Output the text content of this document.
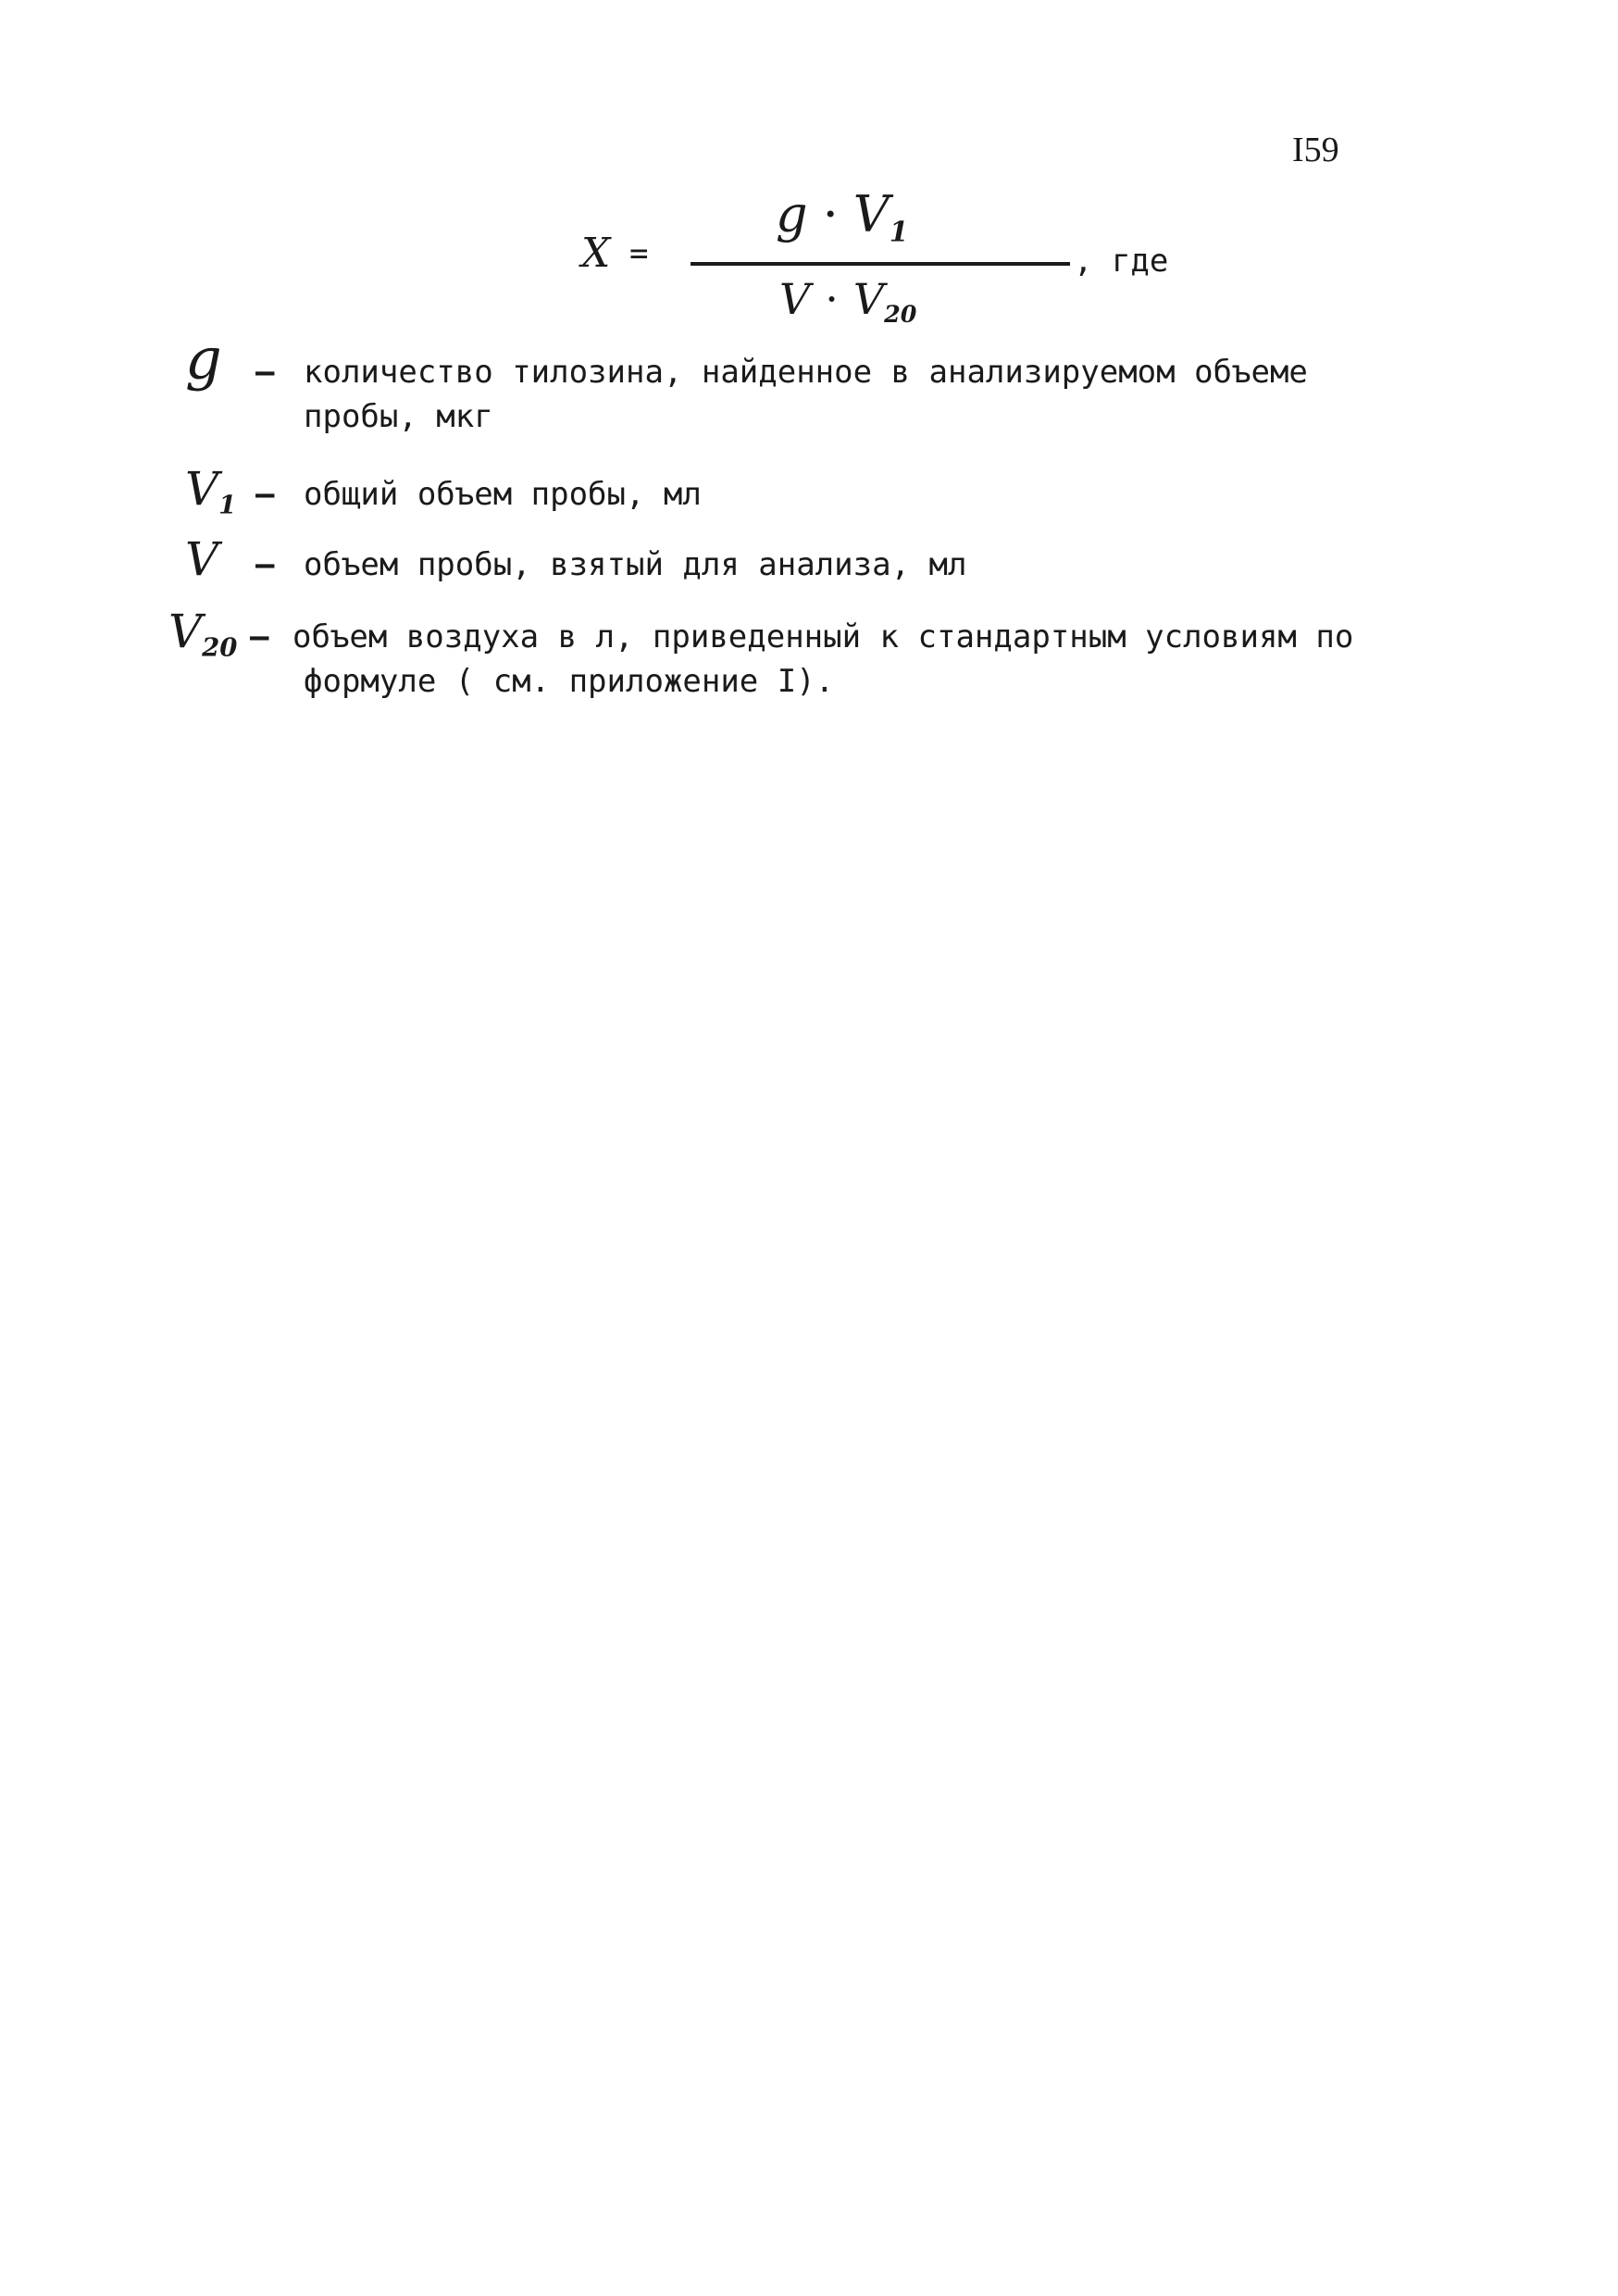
I59
X =
$g \cdot V_1$
$V \cdot V_{20}$
, где
g – количество тилозина, найденное в анализируемом объеме
пробы, мкг
$V_1$ – общий объем пробы, мл
V – объем пробы, взятый для анализа, мл
$V_{20}$ – объем воздуха в л, приведенный к стандартным условиям по
формуле ( см. приложение I).
